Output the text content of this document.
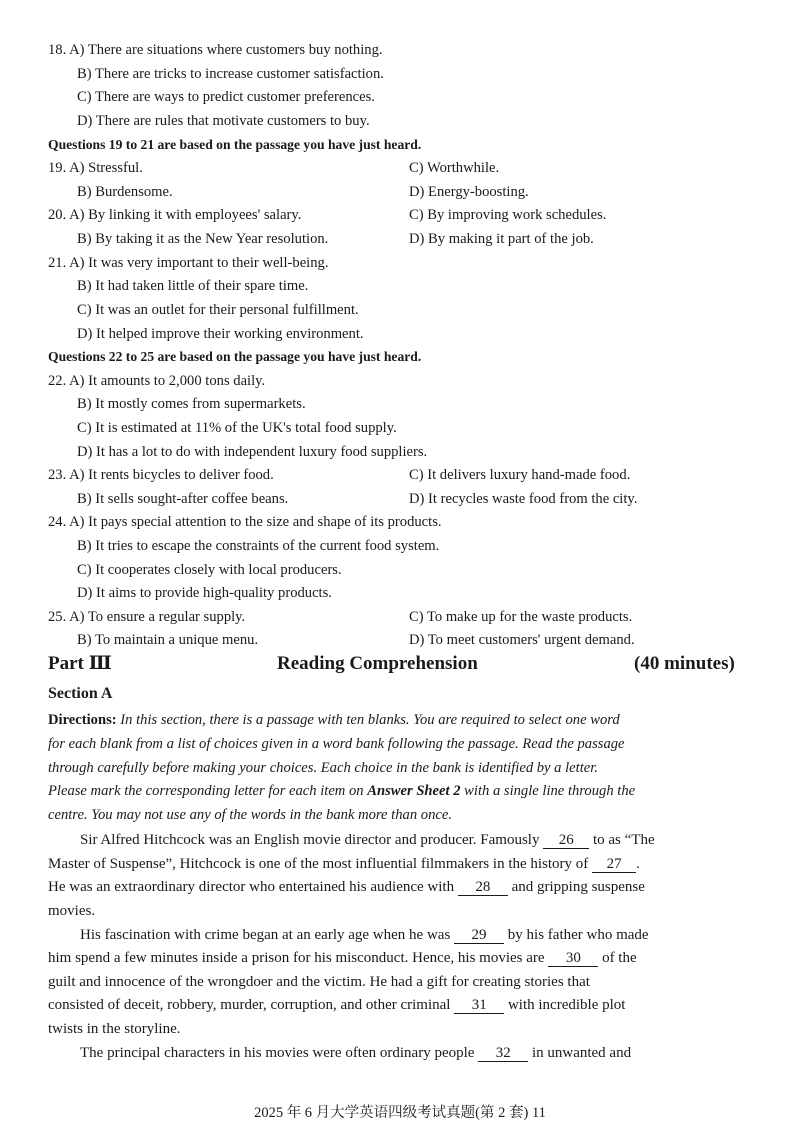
18. A) There are situations where customers buy nothing.
B) There are tricks to increase customer satisfaction.
C) There are ways to predict customer preferences.
D) There are rules that motivate customers to buy.
Questions 19 to 21 are based on the passage you have just heard.
19. A) Stressful.	C) Worthwhile.
B) Burdensome.	D) Energy-boosting.
20. A) By linking it with employees' salary.	C) By improving work schedules.
B) By taking it as the New Year resolution.	D) By making it part of the job.
21. A) It was very important to their well-being.
B) It had taken little of their spare time.
C) It was an outlet for their personal fulfillment.
D) It helped improve their working environment.
Questions 22 to 25 are based on the passage you have just heard.
22. A) It amounts to 2,000 tons daily.
B) It mostly comes from supermarkets.
C) It is estimated at 11% of the UK's total food supply.
D) It has a lot to do with independent luxury food suppliers.
23. A) It rents bicycles to deliver food.	C) It delivers luxury hand-made food.
B) It sells sought-after coffee beans.	D) It recycles waste food from the city.
24. A) It pays special attention to the size and shape of its products.
B) It tries to escape the constraints of the current food system.
C) It cooperates closely with local producers.
D) It aims to provide high-quality products.
25. A) To ensure a regular supply.	C) To make up for the waste products.
B) To maintain a unique menu.	D) To meet customers' urgent demand.
Part Ⅲ	Reading Comprehension	(40 minutes)
Section A
Directions: In this section, there is a passage with ten blanks. You are required to select one word
for each blank from a list of choices given in a word bank following the passage. Read the passage
through carefully before making your choices. Each choice in the bank is identified by a letter.
Please mark the corresponding letter for each item on Answer Sheet 2 with a single line through the
centre. You may not use any of the words in the bank more than once.
Sir Alfred Hitchcock was an English movie director and producer. Famously 26 to as “The
Master of Suspense”, Hitchcock is one of the most influential filmmakers in the history of 27 .
He was an extraordinary director who entertained his audience with 28 and gripping suspense
movies.
His fascination with crime began at an early age when he was 29 by his father who made
him spend a few minutes inside a prison for his misconduct. Hence, his movies are 30 of the
guilt and innocence of the wrongdoer and the victim. He had a gift for creating stories that
consisted of deceit, robbery, murder, corruption, and other criminal 31 with incredible plot
twists in the storyline.
The principal characters in his movies were often ordinary people 32 in unwanted and
2025 年 6 月大学英语四级考试真题(第 2 套) 11
